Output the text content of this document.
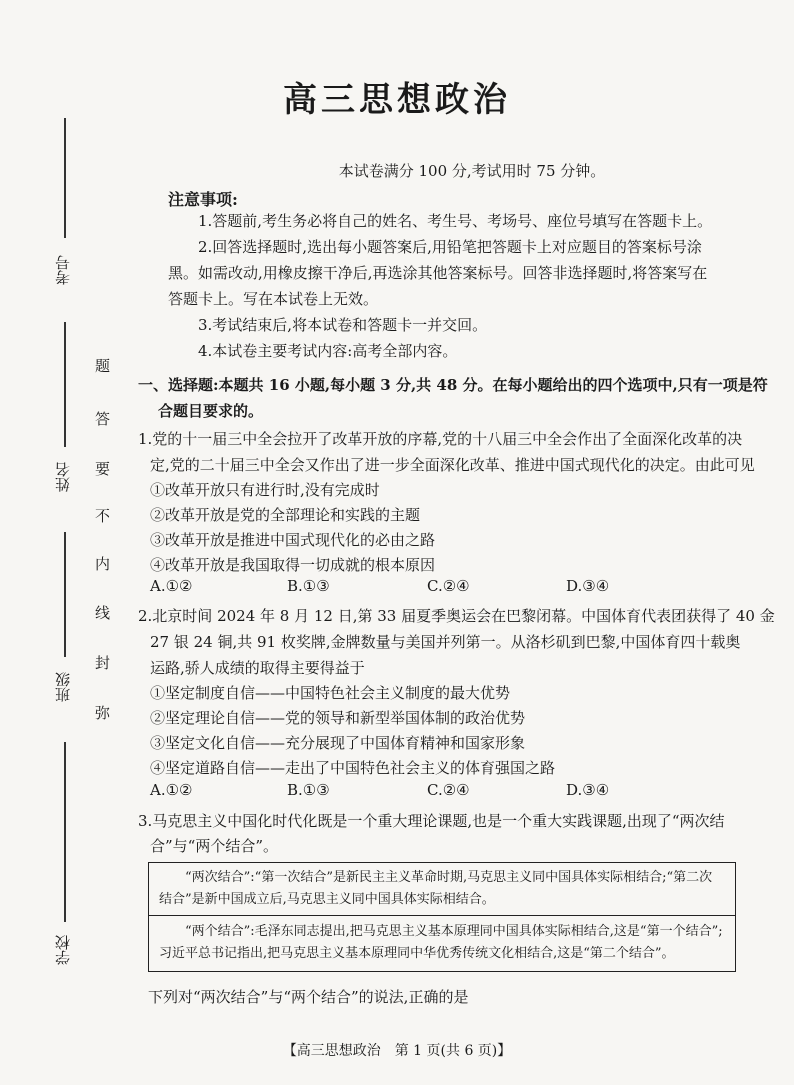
考号
姓名
班级
学校
题
答
要
不
内
线
封
弥
高三思想政治
本试卷满分 100 分,考试用时 75 分钟。
注意事项:
1.答题前,考生务必将自己的姓名、考生号、考场号、座位号填写在答题卡上。
2.回答选择题时,选出每小题答案后,用铅笔把答题卡上对应题目的答案标号涂黑。如需改动,用橡皮擦干净后,再选涂其他答案标号。回答非选择题时,将答案写在答题卡上。写在本试卷上无效。
3.考试结束后,将本试卷和答题卡一并交回。
4.本试卷主要考试内容:高考全部内容。
一、选择题:本题共 16 小题,每小题 3 分,共 48 分。在每小题给出的四个选项中,只有一项是符
合题目要求的。
1.党的十一届三中全会拉开了改革开放的序幕,党的十八届三中全会作出了全面深化改革的决
定,党的二十届三中全会又作出了进一步全面深化改革、推进中国式现代化的决定。由此可见
①改革开放只有进行时,没有完成时
②改革开放是党的全部理论和实践的主题
③改革开放是推进中国式现代化的必由之路
④改革开放是我国取得一切成就的根本原因
A.①②	B.①③	C.②④	D.③④
2.北京时间 2024 年 8 月 12 日,第 33 届夏季奥运会在巴黎闭幕。中国体育代表团获得了 40 金
27 银 24 铜,共 91 枚奖牌,金牌数量与美国并列第一。从洛杉矶到巴黎,中国体育四十载奥
运路,骄人成绩的取得主要得益于
①坚定制度自信——中国特色社会主义制度的最大优势
②坚定理论自信——党的领导和新型举国体制的政治优势
③坚定文化自信——充分展现了中国体育精神和国家形象
④坚定道路自信——走出了中国特色社会主义的体育强国之路
A.①②	B.①③	C.②④	D.③④
3.马克思主义中国化时代化既是一个重大理论课题,也是一个重大实践课题,出现了“两次结
合”与“两个结合”。
“两次结合”:“第一次结合”是新民主主义革命时期,马克思主义同中国具体实际相结合;“第二次结合”是新中国成立后,马克思主义同中国具体实际相结合。
“两个结合”:毛泽东同志提出,把马克思主义基本原理同中国具体实际相结合,这是“第一个结合”;习近平总书记指出,把马克思主义基本原理同中华优秀传统文化相结合,这是“第二个结合”。
下列对“两次结合”与“两个结合”的说法,正确的是
【高三思想政治　第 1 页(共 6 页)】
